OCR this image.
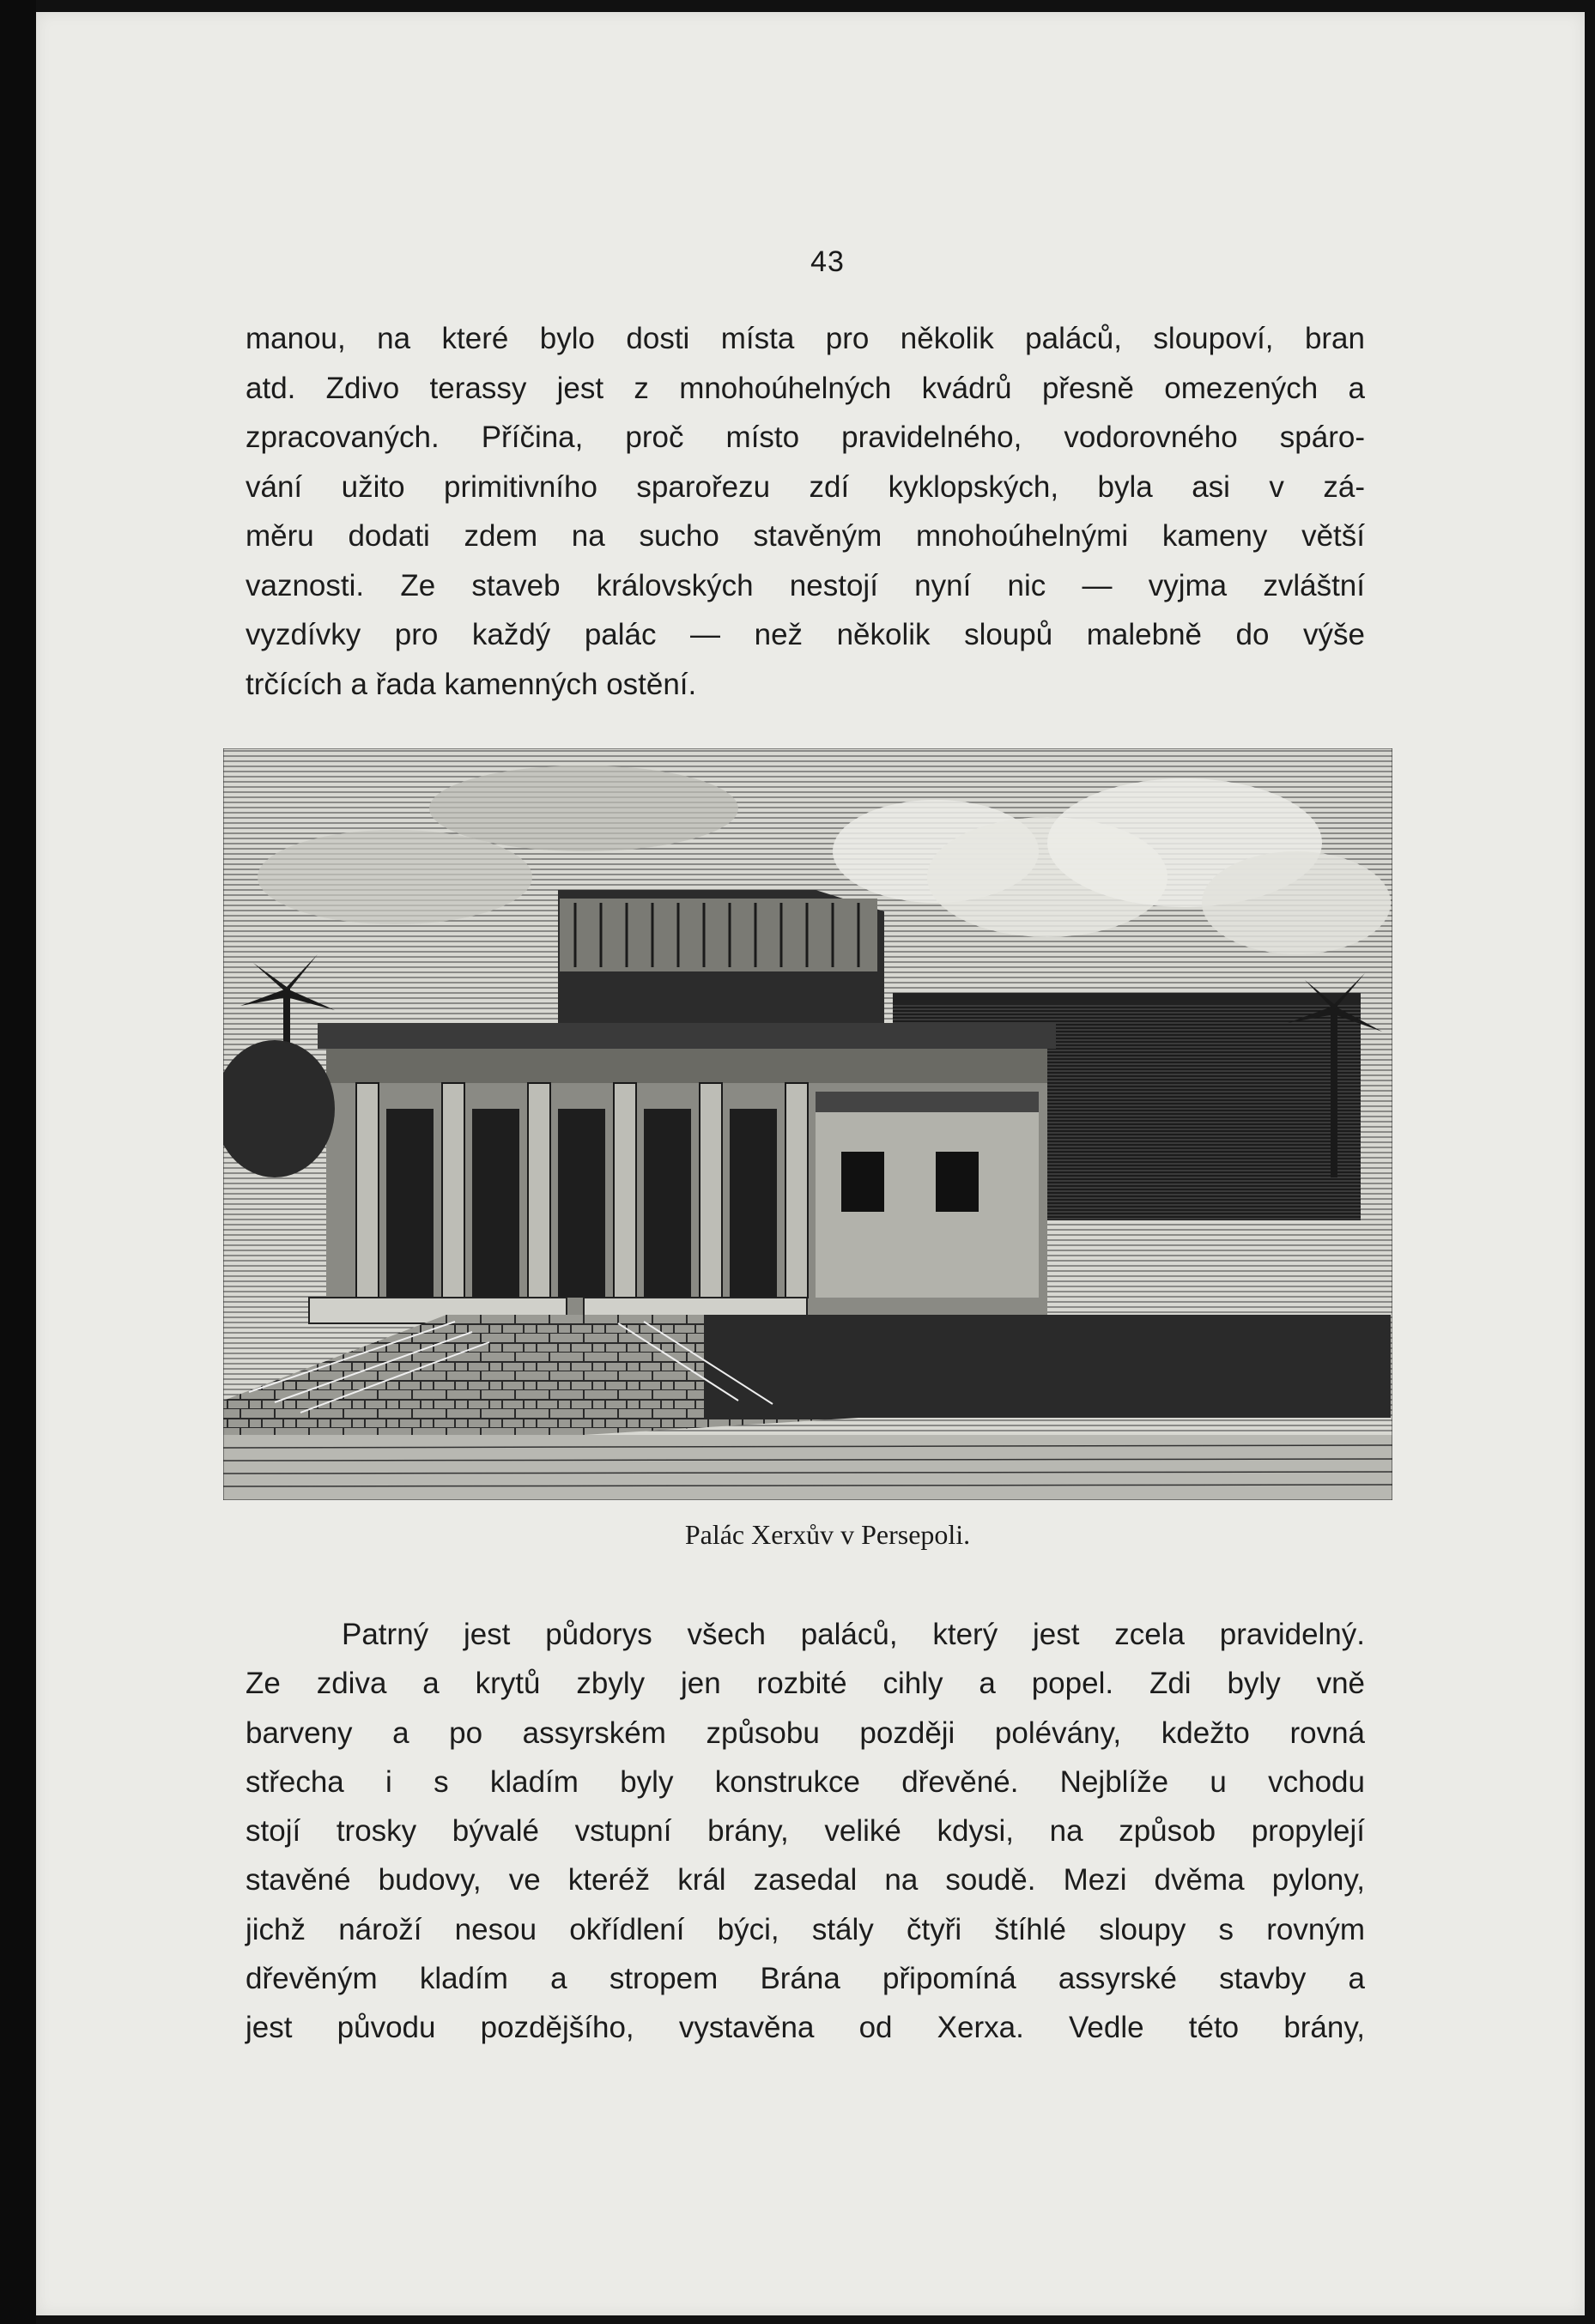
43
manou, na které bylo dosti místa pro několik paláců, sloupoví, bran
atd. Zdivo terassy jest z mnohoúhelných kvádrů přesně omezených a
zpracovaných. Příčina, proč místo pravidelného, vodorovného spáro-
vání užito primitivního sparořezu zdí kyklopských, byla asi v zá-
měru dodati zdem na sucho stavěným mnohoúhelnými kameny větší
vaznosti. Ze staveb královských nestojí nyní nic — vyjma zvláštní
vyzdívky pro každý palác — než několik sloupů malebně do výše
trčících a řada kamenných ostění.
Palác Xerxův v Persepoli.
Patrný jest půdorys všech paláců, který jest zcela pravidelný.
Ze zdiva a krytů zbyly jen rozbité cihly a popel. Zdi byly vně
barveny a po assyrském způsobu později polévány, kdežto rovná
střecha i s kladím byly konstrukce dřevěné. Nejblíže u vchodu
stojí trosky bývalé vstupní brány, veliké kdysi, na způsob propylejí
stavěné budovy, ve kteréž král zasedal na soudě. Mezi dvěma pylony,
jichž nároží nesou okřídlení býci, stály čtyři štíhlé sloupy s rovným
dřevěným kladím a stropem Brána připomíná assyrské stavby a
jest původu pozdějšího, vystavěna od Xerxa. Vedle této brány,
